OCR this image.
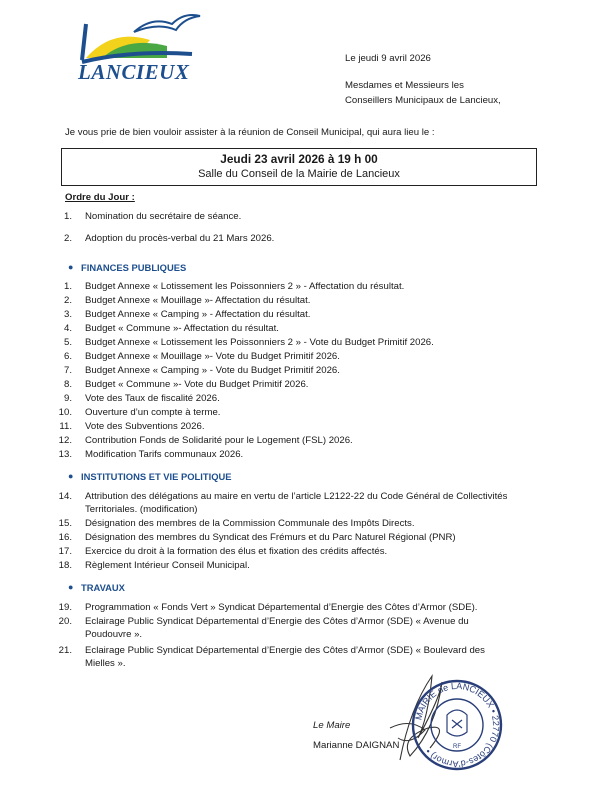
LANCIEUX
Le jeudi 9 avril 2026
Mesdames et Messieurs les
Conseillers Municipaux de Lancieux,
Je vous prie de bien vouloir assister à la réunion de Conseil Municipal, qui aura lieu le :
Jeudi 23 avril 2026 à 19 h 00
Salle du Conseil de la Mairie de Lancieux
Ordre du Jour :
1. Nomination du secrétaire de séance.
2. Adoption du procès-verbal du 21 Mars 2026.
● FINANCES PUBLIQUES
1. Budget Annexe « Lotissement les Poissonniers 2 » - Affectation du résultat.
2. Budget Annexe « Mouillage »- Affectation du résultat.
3. Budget Annexe « Camping » - Affectation du résultat.
4. Budget « Commune »- Affectation du résultat.
5. Budget Annexe « Lotissement les Poissonniers 2 » - Vote du Budget Primitif 2026.
6. Budget Annexe « Mouillage »- Vote du Budget Primitif 2026.
7. Budget Annexe « Camping » - Vote du Budget Primitif 2026.
8. Budget « Commune »- Vote du Budget Primitif 2026.
9. Vote des Taux de fiscalité 2026.
10. Ouverture d’un compte à terme.
11. Vote des Subventions 2026.
12. Contribution Fonds de Solidarité pour le Logement (FSL) 2026.
13. Modification Tarifs communaux 2026.
● INSTITUTIONS ET VIE POLITIQUE
14. Attribution des délégations au maire en vertu de l’article L2122-22 du Code Général de Collectivités
Territoriales. (modification)
15. Désignation des membres de la Commission Communale des Impôts Directs.
16. Désignation des membres du Syndicat des Frémurs et du Parc Naturel Régional (PNR)
17. Exercice du droit à la formation des élus et fixation des crédits affectés.
18. Règlement Intérieur Conseil Municipal.
● TRAVAUX
19. Programmation « Fonds Vert » Syndicat Départemental d’Energie des Côtes d’Armor (SDE).
20. Eclairage Public Syndicat Départemental d’Energie des Côtes d’Armor (SDE) « Avenue du
Poudouvre ».
21. Eclairage Public Syndicat Départemental d’Energie des Côtes d’Armor (SDE) « Boulevard des
Mielles ».
Le Maire
Marianne DAIGNAN
MAIRIE de LANCIEUX • 22770 (Côtes-d'Armor) •	RF
